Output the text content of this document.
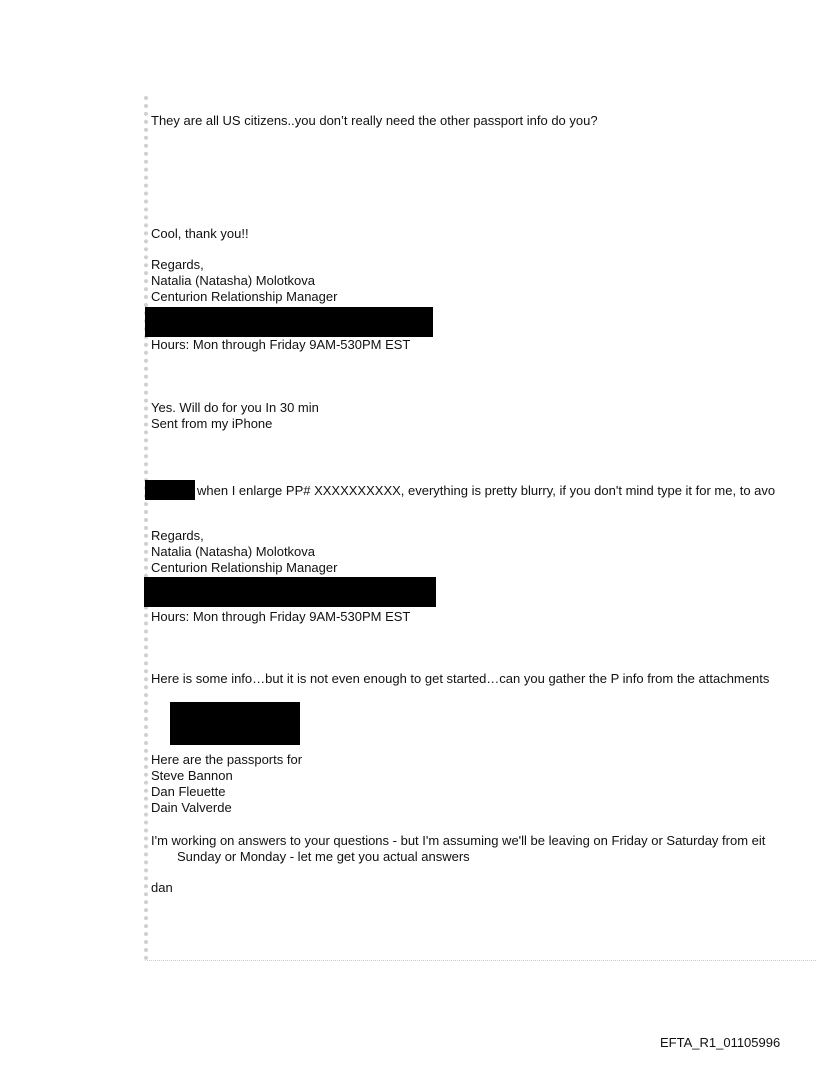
They are all US citizens..you don’t really need the other passport info do you?
Cool, thank you!!
Regards,
Natalia (Natasha) Molotkova
Centurion Relationship Manager
Hours: Mon through Friday 9AM-530PM EST
Yes. Will do for you In 30 min
Sent from my iPhone
when I enlarge PP# XXXXXXXXXX, everything is pretty blurry, if you don't mind type it for me, to avo
Regards,
Natalia (Natasha) Molotkova
Centurion Relationship Manager
Hours: Mon through Friday 9AM-530PM EST
Here is some info…but it is not even enough to get started…can you gather the P info from the attachments
Here are the passports for
Steve Bannon
Dan Fleuette
Dain Valverde
I'm working on answers to your questions - but I'm assuming we'll be leaving on Friday or Saturday from eit
Sunday or Monday - let me get you actual answers
dan
EFTA_R1_01105996
